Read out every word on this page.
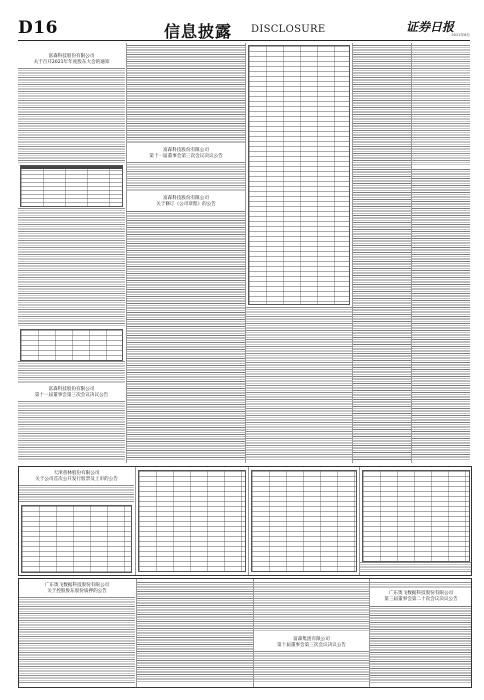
D16	信息披露 DISCLOSURE	证券日报
2021年6月
富森科技股份有限公司
关于召开2021年年度股东大会的通知
富森科技股份有限公司
第十一届董事会第三次会议决议公告
富森科技股份有限公司
第十一届董事会第三次会议决议公告
富森科技股份有限公司
关于修订《公司章程》的公告
天津普林股份有限公司
关于公司首次公开发行股票及上市的公告
广东奥飞数据科技股份有限公司
关于控股股东股份质押的公告
富森集团有限公司
第十届董事会第三次会议决议公告
广东奥飞数据科技股份有限公司
第三届董事会第二十次会议决议公告
